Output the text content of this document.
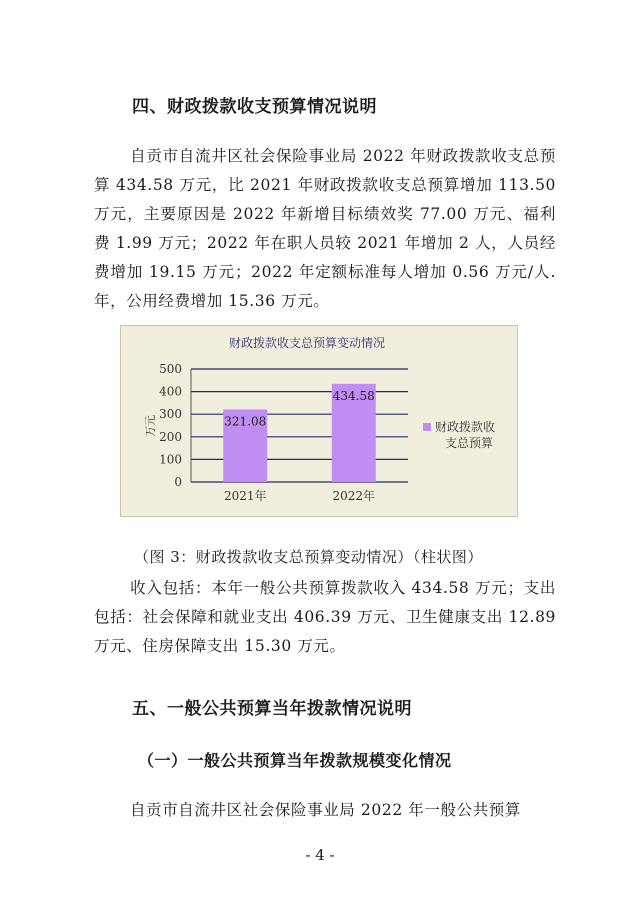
四、财政拨款收支预算情况说明

自贡市自流井区社会保险事业局 2022 年财政拨款收支总预算 434.58 万元，比 2021 年财政拨款收支总预算增加 113.50 万元，主要原因是 2022 年新增目标绩效奖 77.00 万元、福利费 1.99 万元；2022 年在职人员较 2021 年增加 2 人，人员经费增加 19.15 万元；2022 年定额标准每人增加 0.56 万元/人.年，公用经费增加 15.36 万元。

财政拨款收支总预算变动情况
万元
0
100
200
300
400
500
321.08
434.58
2021年	2022年
财政拨款收
支总预算
（图 3：财政拨款收支总预算变动情况）（柱状图）

收入包括：本年一般公共预算拨款收入 434.58 万元；支出包括：社会保障和就业支出 406.39 万元、卫生健康支出 12.89 万元、住房保障支出 15.30 万元。

五、一般公共预算当年拨款情况说明
（一）一般公共预算当年拨款规模变化情况

自贡市自流井区社会保险事业局 2022 年一般公共预算

- 4 -
